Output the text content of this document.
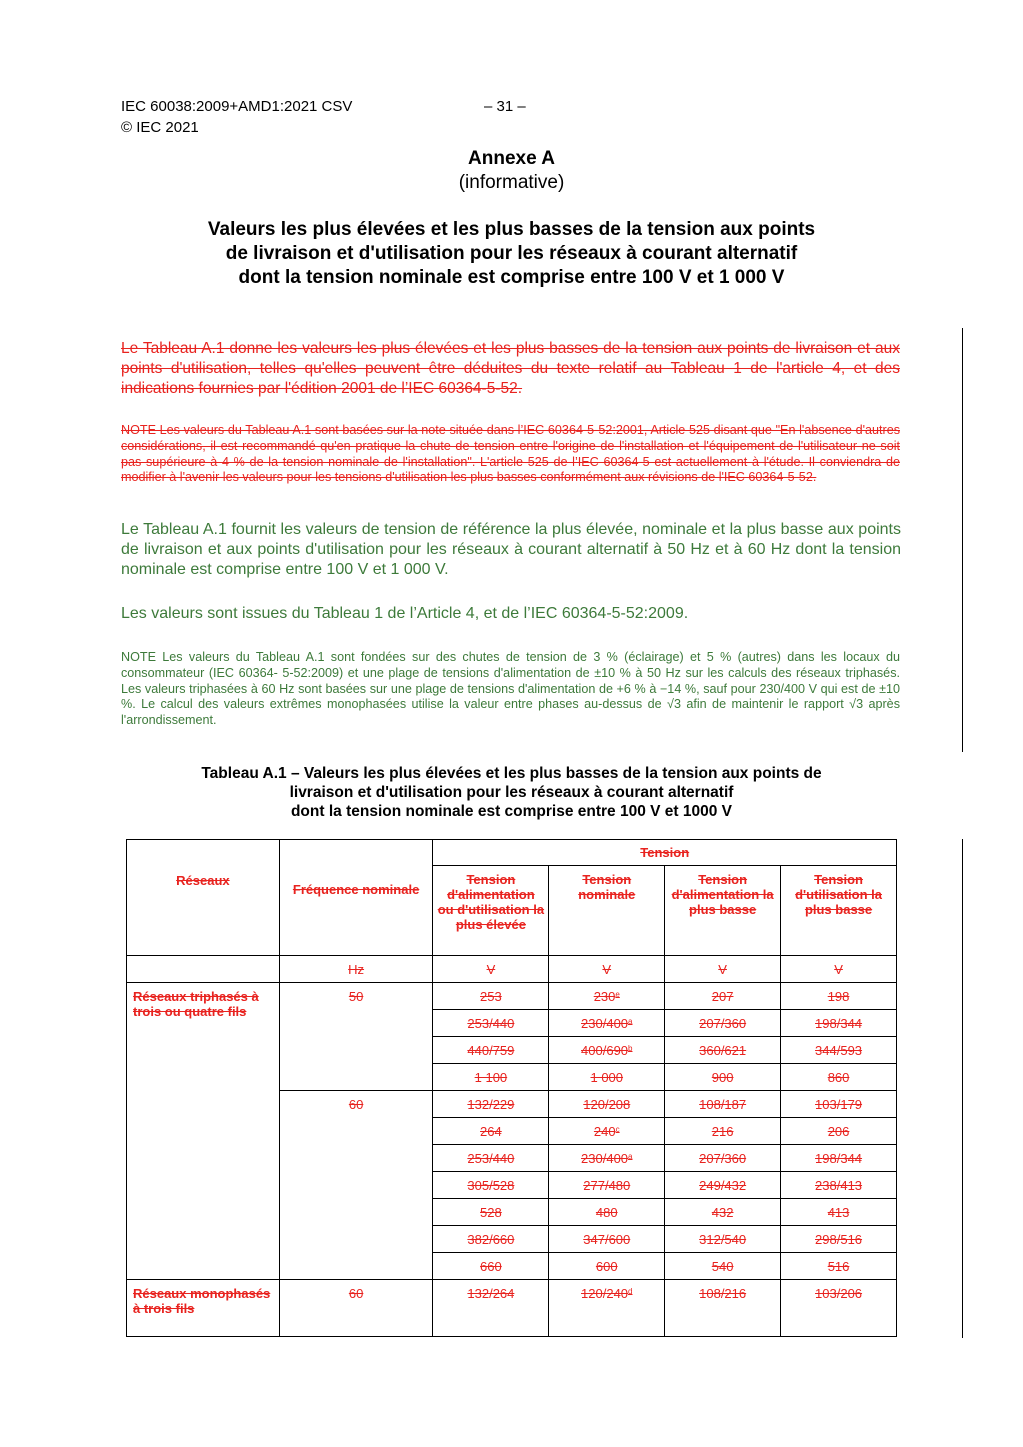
IEC 60038:2009+AMD1:2021 CSV	– 31 –
© IEC 2021
Annexe A
(informative)
Valeurs les plus élevées et les plus basses de la tension aux points
de livraison et d'utilisation pour les réseaux à courant alternatif
dont la tension nominale est comprise entre 100 V et 1 000 V
Le Tableau A.1 donne les valeurs les plus élevées et les plus basses de la tension aux points de livraison et aux points d'utilisation, telles qu'elles peuvent être déduites du texte relatif au Tableau 1 de l'article 4, et des indications fournies par l'édition 2001 de l’IEC 60364-5-52.
NOTE Les valeurs du Tableau A.1 sont basées sur la note située dans l’IEC 60364-5-52:2001, Article 525 disant que "En l'absence d'autres considérations, il est recommandé qu'en pratique la chute de tension entre l'origine de l'installation et l'équipement de l'utilisateur ne soit pas supérieure à 4 % de la tension nominale de l'installation". L'article 525 de l’IEC 60364-5 est actuellement à l'étude. Il conviendra de modifier à l'avenir les valeurs pour les tensions d'utilisation les plus basses conformément aux révisions de l'IEC 60364-5-52.
Le Tableau A.1 fournit les valeurs de tension de référence la plus élevée, nominale et la plus basse aux points de livraison et aux points d'utilisation pour les réseaux à courant alternatif à 50 Hz et à 60 Hz dont la tension nominale est comprise entre 100 V et 1 000 V.
Les valeurs sont issues du Tableau 1 de l’Article 4, et de l’IEC 60364-5-52:2009.
NOTE Les valeurs du Tableau A.1 sont fondées sur des chutes de tension de 3 % (éclairage) et 5 % (autres) dans les locaux du consommateur (IEC 60364- 5-52:2009) et une plage de tensions d'alimentation de ±10 % à 50 Hz sur les calculs des réseaux triphasés. Les valeurs triphasées à 60 Hz sont basées sur une plage de tensions d'alimentation de +6 % à −14 %, sauf pour 230/400 V qui est de ±10 %. Le calcul des valeurs extrêmes monophasées utilise la valeur entre phases au-dessus de √3 afin de maintenir le rapport √3 après l'arrondissement.
Tableau A.1 – Valeurs les plus élevées et les plus basses de la tension aux points de
livraison et d'utilisation pour les réseaux à courant alternatif
dont la tension nominale est comprise entre 100 V et 1000 V
Réseaux	Fréquence nominale	Tension			
		Tension d'alimentation ou d'utilisation la plus élevée	Tension nominale	Tension d'alimentation la plus basse	Tension d'utilisation la plus basse
	Hz	V	V	V	V
Réseaux triphasés à trois ou quatre fils	50	253	230e	207	198
		253/440	230/400$^a$	207/360	198/344
		440/759	400/690$^b$	360/621	344/593
		1 100	1 000	900	860
	60	132/229	120/208	108/187	103/179
		264	240$^c$	216	206
		253/440	230/400$^a$	207/360	198/344
		305/528	277/480	249/432	238/413
		528	480	432	413
		382/660	347/600	312/540	298/516
		660	600	540	516
Réseaux monophasés à trois fils	60	132/264	120/240$^d$	108/216	103/206
